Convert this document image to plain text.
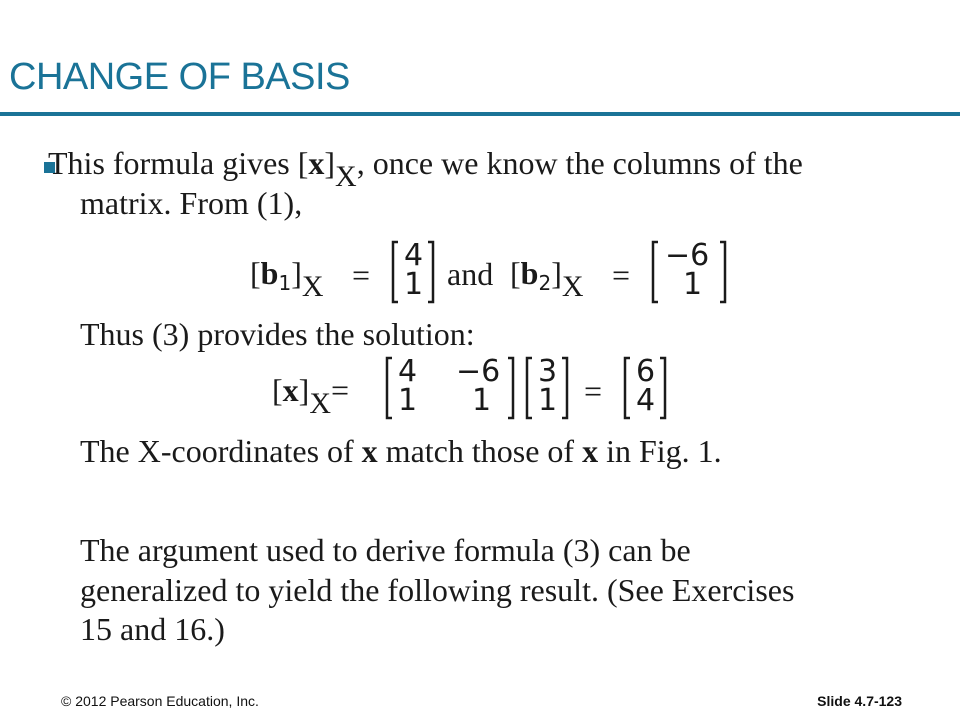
CHANGE OF BASIS
This formula gives [x]X, once we know the columns of the
matrix. From (1),
[b1]X =
4
1 and [b2]X =
−6
1
Thus (3) provides the solution:
[x]X=
4 −6
1 1
3
1 =
6
4
The X-coordinates of x match those of x in Fig. 1.
The argument used to derive formula (3) can be
generalized to yield the following result. (See Exercises
15 and 16.)
© 2012 Pearson Education, Inc.	Slide 4.7-123
